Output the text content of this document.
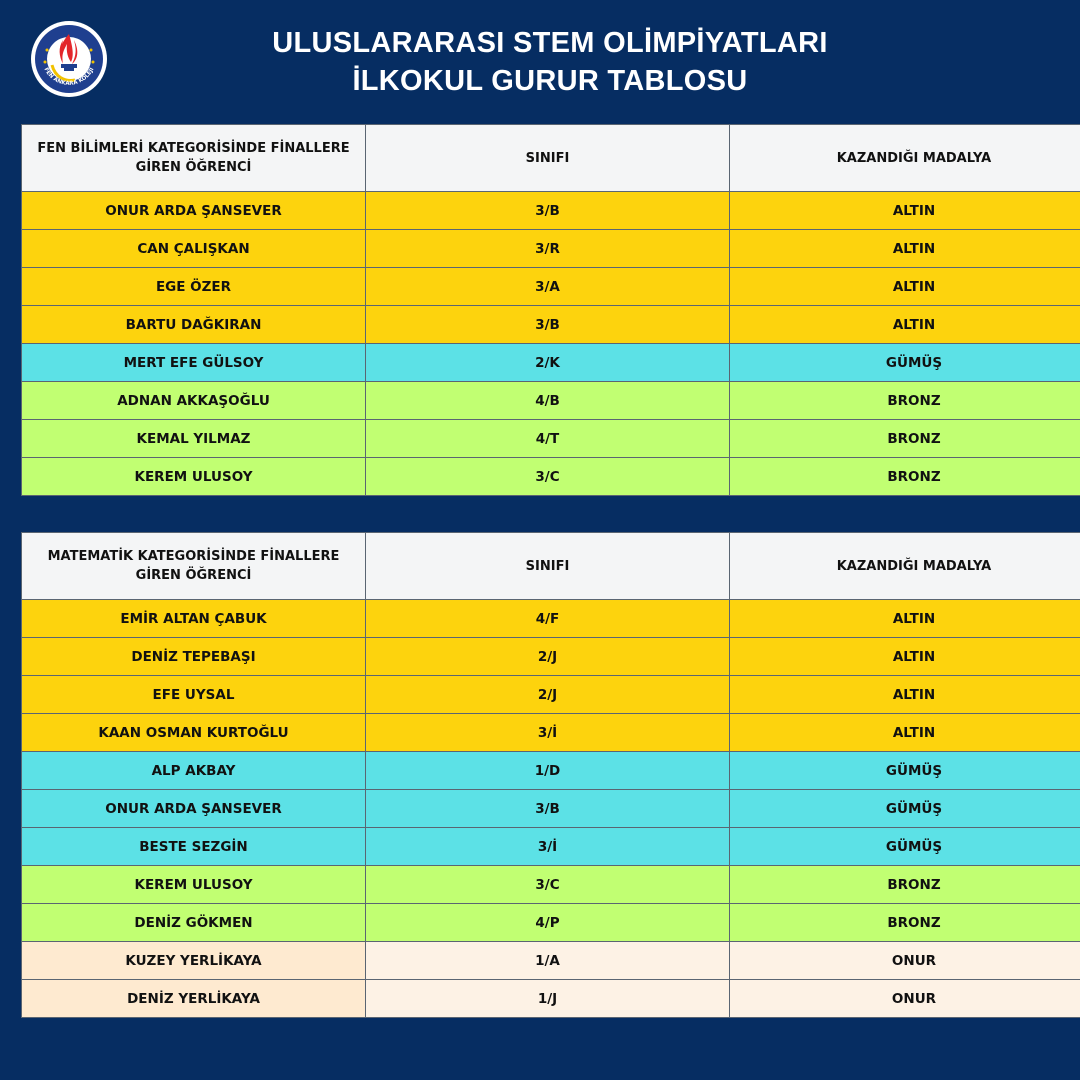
FEN ANKARA KOLEJİ
ULUSLARARASI STEM OLİMPİYATLARI
İLKOKUL GURUR TABLOSU
FEN BİLİMLERİ KATEGORİSİNDE FİNALLERE GİREN ÖĞRENCİ	SINIFI	KAZANDIĞI MADALYA
ONUR ARDA ŞANSEVER	3/B	ALTIN
CAN ÇALIŞKAN	3/R	ALTIN
EGE ÖZER	3/A	ALTIN
BARTU DAĞKIRAN	3/B	ALTIN
MERT EFE GÜLSOY	2/K	GÜMÜŞ
ADNAN AKKAŞOĞLU	4/B	BRONZ
KEMAL YILMAZ	4/T	BRONZ
KEREM ULUSOY	3/C	BRONZ
MATEMATİK KATEGORİSİNDE FİNALLERE GİREN ÖĞRENCİ	SINIFI	KAZANDIĞI MADALYA
EMİR ALTAN ÇABUK	4/F	ALTIN
DENİZ TEPEBAŞI	2/J	ALTIN
EFE UYSAL	2/J	ALTIN
KAAN OSMAN KURTOĞLU	3/İ	ALTIN
ALP AKBAY	1/D	GÜMÜŞ
ONUR ARDA ŞANSEVER	3/B	GÜMÜŞ
BESTE SEZGİN	3/İ	GÜMÜŞ
KEREM ULUSOY	3/C	BRONZ
DENİZ GÖKMEN	4/P	BRONZ
KUZEY YERLİKAYA	1/A	ONUR
DENİZ YERLİKAYA	1/J	ONUR
